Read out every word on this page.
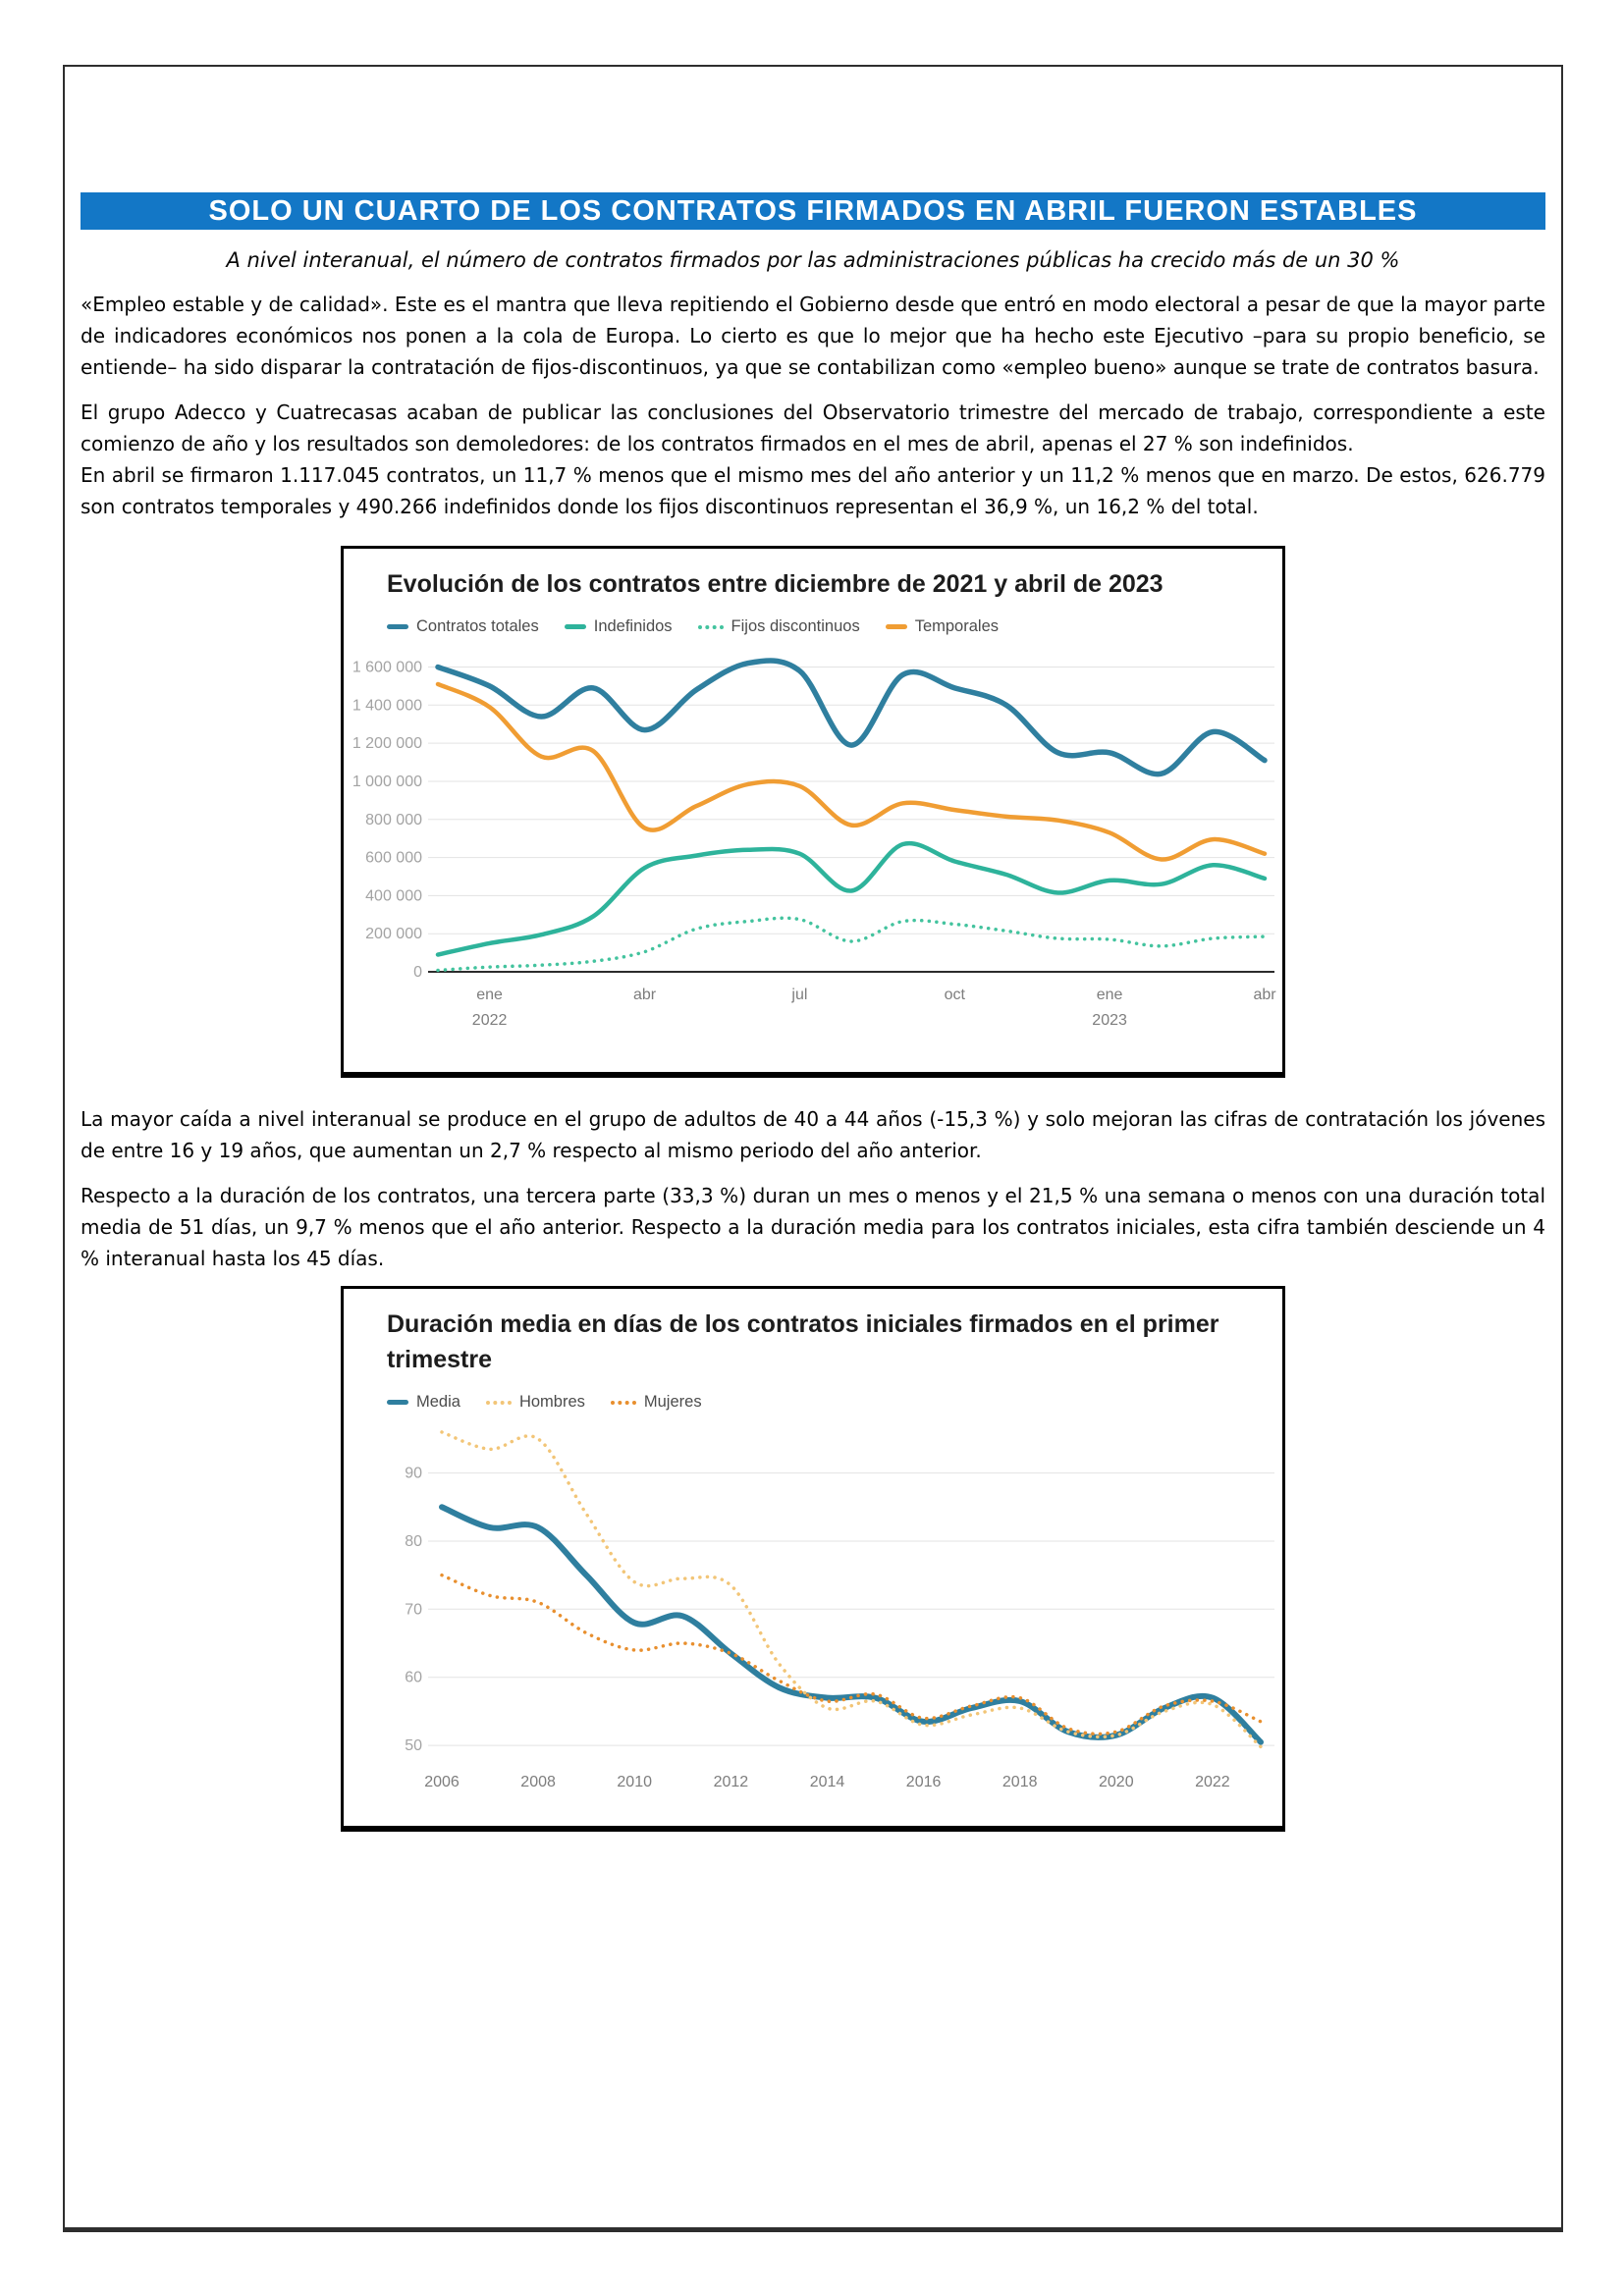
SOLO UN CUARTO DE LOS CONTRATOS FIRMADOS EN ABRIL FUERON ESTABLES
A nivel interanual, el número de contratos firmados por las administraciones públicas ha crecido más de un 30 %

«Empleo estable y de calidad». Este es el mantra que lleva repitiendo el Gobierno desde que entró en modo electoral a pesar de que la mayor parte de indicadores económicos nos ponen a la cola de Europa. Lo cierto es que lo mejor que ha hecho este Ejecutivo –para su propio beneficio, se entiende– ha sido disparar la contratación de fijos-discontinuos, ya que se contabilizan como «empleo bueno» aunque se trate de contratos basura.

El grupo Adecco y Cuatrecasas acaban de publicar las conclusiones del Observatorio trimestre del mercado de trabajo, correspondiente a este comienzo de año y los resultados son demoledores: de los contratos firmados en el mes de abril, apenas el 27 % son indefinidos.

En abril se firmaron 1.117.045 contratos, un 11,7 % menos que el mismo mes del año anterior y un 11,2 % menos que en marzo. De estos, 626.779 son contratos temporales y 490.266 indefinidos donde los fijos discontinuos representan el 36,9 %, un 16,2 % del total.

Evolución de los contratos entre diciembre de 2021 y abril de 2023
Contratos totales	Indefinidos	Fijos discontinuos	Temporales
0
200 000
400 000
600 000
800 000
1 000 000
1 200 000
1 400 000
1 600 000
ene
2022
abr	jul	oct	ene
2023
abr

La mayor caída a nivel interanual se produce en el grupo de adultos de 40 a 44 años (-15,3 %) y solo mejoran las cifras de contratación los jóvenes de entre 16 y 19 años, que aumentan un 2,7 % respecto al mismo periodo del año anterior.

Respecto a la duración de los contratos, una tercera parte (33,3 %) duran un mes o menos y el 21,5 % una semana o menos con una duración total media de 51 días, un 9,7 % menos que el año anterior. Respecto a la duración media para los contratos iniciales, esta cifra también desciende un 4 % interanual hasta los 45 días.

Duración media en días de los contratos iniciales firmados en el primer trimestre
Media	Hombres	Mujeres
50
60
70
80
90
2006	2008	2010	2012	2014	2016	2018	2020	2022
